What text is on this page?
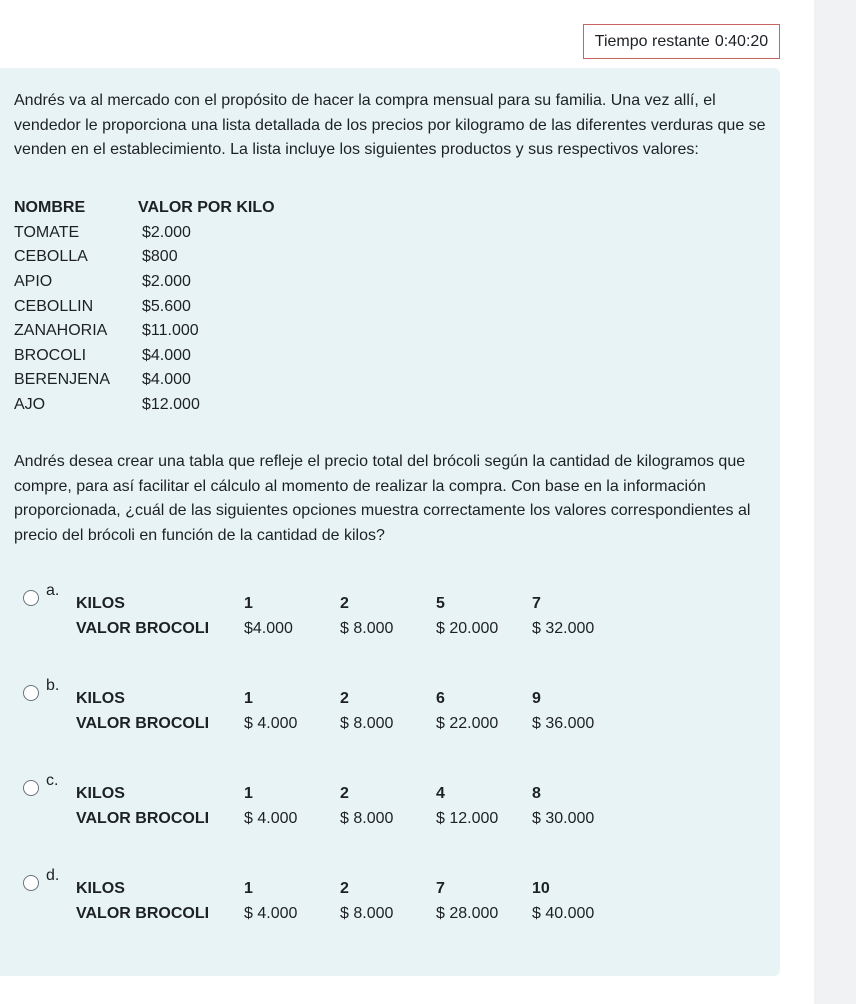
Tiempo restante 0:40:20

Andrés va al mercado con el propósito de hacer la compra mensual para su familia. Una vez allí, el vendedor le proporciona una lista detallada de los precios por kilogramo de las diferentes verduras que se venden en el establecimiento. La lista incluye los siguientes productos y sus respectivos valores:

NOMBRE	VALOR POR KILO
TOMATE	$2.000
CEBOLLA	$800
APIO	$2.000
CEBOLLIN	$5.600
ZANAHORIA	$11.000
BROCOLI	$4.000
BERENJENA	$4.000
AJO	$12.000

Andrés desea crear una tabla que refleje el precio total del brócoli según la cantidad de kilogramos que compre, para así facilitar el cálculo al momento de realizar la compra. Con base en la información proporcionada, ¿cuál de las siguientes opciones muestra correctamente los valores correspondientes al precio del brócoli en función de la cantidad de kilos?

a.
KILOS	1	2	5	7
VALOR BROCOLI	$4.000	$ 8.000	$ 20.000	$ 32.000
b.
KILOS	1	2	6	9
VALOR BROCOLI	$ 4.000	$ 8.000	$ 22.000	$ 36.000
c.
KILOS	1	2	4	8
VALOR BROCOLI	$ 4.000	$ 8.000	$ 12.000	$ 30.000
d.
KILOS	1	2	7	10
VALOR BROCOLI	$ 4.000	$ 8.000	$ 28.000	$ 40.000
